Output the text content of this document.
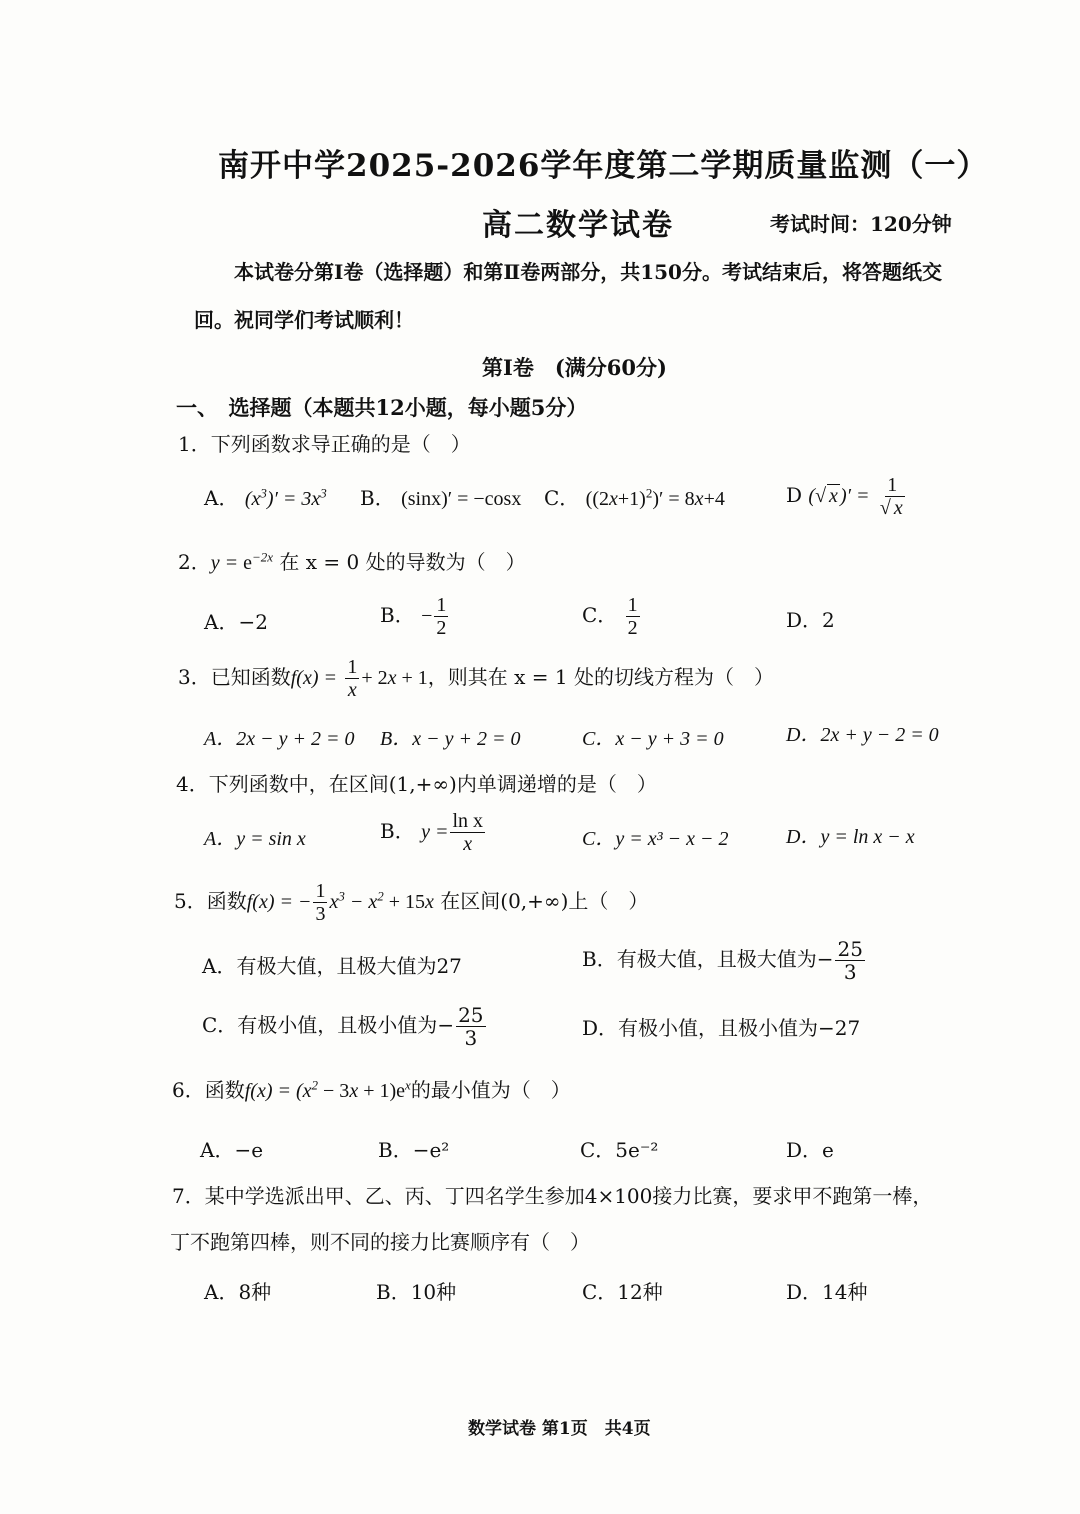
南开中学2025-2026学年度第二学期质量监测（一）
高二数学试卷	考试时间：120分钟
本试卷分第Ⅰ卷（选择题）和第Ⅱ卷两部分，共150分。考试结束后，将答题纸交
回。祝同学们考试顺利！
第Ⅰ卷　(满分60分)
一、　选择题（本题共12小题，每小题5分）
1．下列函数求导正确的是（　）
A． $(x^3)' = 3x^3$ B． (sinx)′ = −cosx C． $((2x+1)^2)' = 8x+4$	D (√ x )′ = $\frac{1}{√ x}$
2．$y = e^{-2x}$ 在 x = 0 处的导数为（　）
A．−2	B． − $\frac{1}{2}$	C． $\frac{1}{2}$	D．2
3．已知函数$f(x) = \frac{1}{x} + 2x + 1$，则其在 x = 1 处的切线方程为（　）
A．2x − y + 2 = 0 B．x − y + 2 = 0	C．x − y + 3 = 0	D．2x + y − 2 = 0
4．下列函数中，在区间(1,+∞)内单调递增的是（　）
A．y = sin x	B． $y = \frac{\text{ln x}}{x}$	C．y = x³ − x − 2	D．y = ln x − x
5．函数f(x) = − $\frac{1}{3} x^3 - x^2 + 15x$ 在区间(0,+∞)上（　）
A．有极大值，且极大值为27	B．有极大值，且极大值为− $\frac{25}{3}$
C．有极小值，且极小值为− $\frac{25}{3}$	D．有极小值，且极小值为−27
6．函数$f(x) = (x^2 - 3x + 1)e^x$的最小值为（　）
A．−e	B．−e²	C．5e⁻²	D．e
7．某中学选派出甲、乙、丙、丁四名学生参加4×100接力比赛，要求甲不跑第一棒，
丁不跑第四棒，则不同的接力比赛顺序有（　）
A．8种	B．10种	C．12种	D．14种
数学试卷 第1页　共4页
